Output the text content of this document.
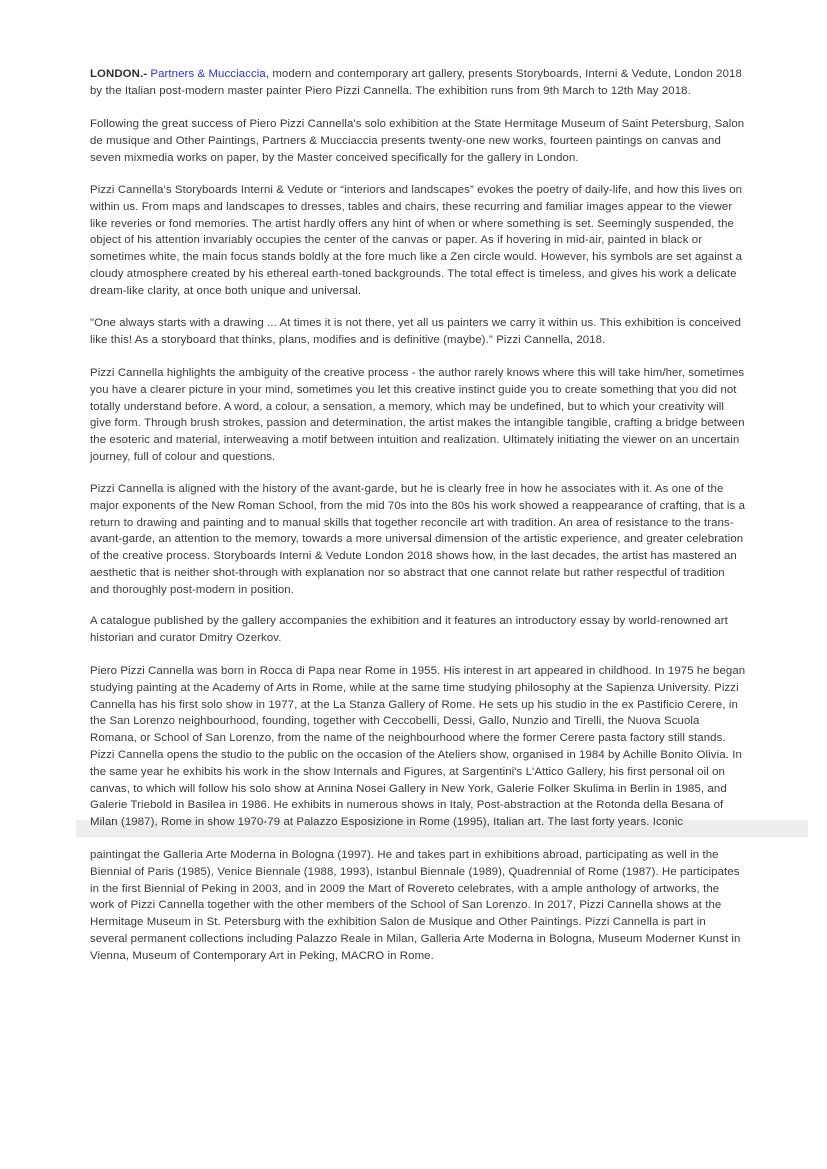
LONDON.- Partners & Mucciaccia, modern and contemporary art gallery, presents Storyboards, Interni & Vedute, London 2018 by the Italian post-modern master painter Piero Pizzi Cannella. The exhibition runs from 9th March to 12th May 2018.

Following the great success of Piero Pizzi Cannella's solo exhibition at the State Hermitage Museum of Saint Petersburg, Salon de musique and Other Paintings, Partners & Mucciaccia presents twenty-one new works, fourteen paintings on canvas and seven mixmedia works on paper, by the Master conceived specifically for the gallery in London.

Pizzi Cannella's Storyboards Interni & Vedute or “interiors and landscapes” evokes the poetry of daily-life, and how this lives on within us. From maps and landscapes to dresses, tables and chairs, these recurring and familiar images appear to the viewer like reveries or fond memories. The artist hardly offers any hint of when or where something is set. Seemingly suspended, the object of his attention invariably occupies the center of the canvas or paper. As if hovering in mid-air, painted in black or sometimes white, the main focus stands boldly at the fore much like a Zen circle would. However, his symbols are set against a cloudy atmosphere created by his ethereal earth-toned backgrounds. The total effect is timeless, and gives his work a delicate dream-like clarity, at once both unique and universal.

"One always starts with a drawing ... At times it is not there, yet all us painters we carry it within us. This exhibition is conceived like this! As a storyboard that thinks, plans, modifies and is definitive (maybe)." Pizzi Cannella, 2018.

Pizzi Cannella highlights the ambiguity of the creative process - the author rarely knows where this will take him/her, sometimes you have a clearer picture in your mind, sometimes you let this creative instinct guide you to create something that you did not totally understand before. A word, a colour, a sensation, a memory, which may be undefined, but to which your creativity will give form. Through brush strokes, passion and determination, the artist makes the intangible tangible, crafting a bridge between the esoteric and material, interweaving a motif between intuition and realization. Ultimately initiating the viewer on an uncertain journey, full of colour and questions.

Pizzi Cannella is aligned with the history of the avant-garde, but he is clearly free in how he associates with it. As one of the major exponents of the New Roman School, from the mid 70s into the 80s his work showed a reappearance of crafting, that is a return to drawing and painting and to manual skills that together reconcile art with tradition. An area of resistance to the trans-avant-garde, an attention to the memory, towards a more universal dimension of the artistic experience, and greater celebration of the creative process. Storyboards Interni & Vedute London 2018 shows how, in the last decades, the artist has mastered an aesthetic that is neither shot-through with explanation nor so abstract that one cannot relate but rather respectful of tradition and thoroughly post-modern in position.

A catalogue published by the gallery accompanies the exhibition and it features an introductory essay by world-renowned art historian and curator Dmitry Ozerkov.

Piero Pizzi Cannella was born in Rocca di Papa near Rome in 1955. His interest in art appeared in childhood. In 1975 he began studying painting at the Academy of Arts in Rome, while at the same time studying philosophy at the Sapienza University. Pizzi Cannella has his first solo show in 1977, at the La Stanza Gallery of Rome. He sets up his studio in the ex Pastificio Cerere, in the San Lorenzo neighbourhood, founding, together with Ceccobelli, Dessi, Gallo, Nunzio and Tirelli, the Nuova Scuola Romana, or School of San Lorenzo, from the name of the neighbourhood where the former Cerere pasta factory still stands. Pizzi Cannella opens the studio to the public on the occasion of the Ateliers show, organised in 1984 by Achille Bonito Olivia. In the same year he exhibits his work in the show Internals and Figures, at Sargentini's L'Attico Gallery, his first personal oil on canvas, to which will follow his solo show at Annina Nosei Gallery in New York, Galerie Folker Skulima in Berlin in 1985, and Galerie Triebold in Basilea in 1986. He exhibits in numerous shows in Italy, Post-abstraction at the Rotonda della Besana of Milan (1987), Rome in show 1970-79 at Palazzo Esposizione in Rome (1995), Italian art. The last forty years. Iconic

paintingat the Galleria Arte Moderna in Bologna (1997). He and takes part in exhibitions abroad, participating as well in the Biennial of Paris (1985), Venice Biennale (1988, 1993), Istanbul Biennale (1989), Quadrennial of Rome (1987). He participates in the first Biennial of Peking in 2003, and in 2009 the Mart of Rovereto celebrates, with a ample anthology of artworks, the work of Pizzi Cannella together with the other members of the School of San Lorenzo. In 2017, Pizzi Cannella shows at the Hermitage Museum in St. Petersburg with the exhibition Salon de Musique and Other Paintings. Pizzi Cannella is part in several permanent collections including Palazzo Reale in Milan, Galleria Arte Moderna in Bologna, Museum Moderner Kunst in Vienna, Museum of Contemporary Art in Peking, MACRO in Rome.
